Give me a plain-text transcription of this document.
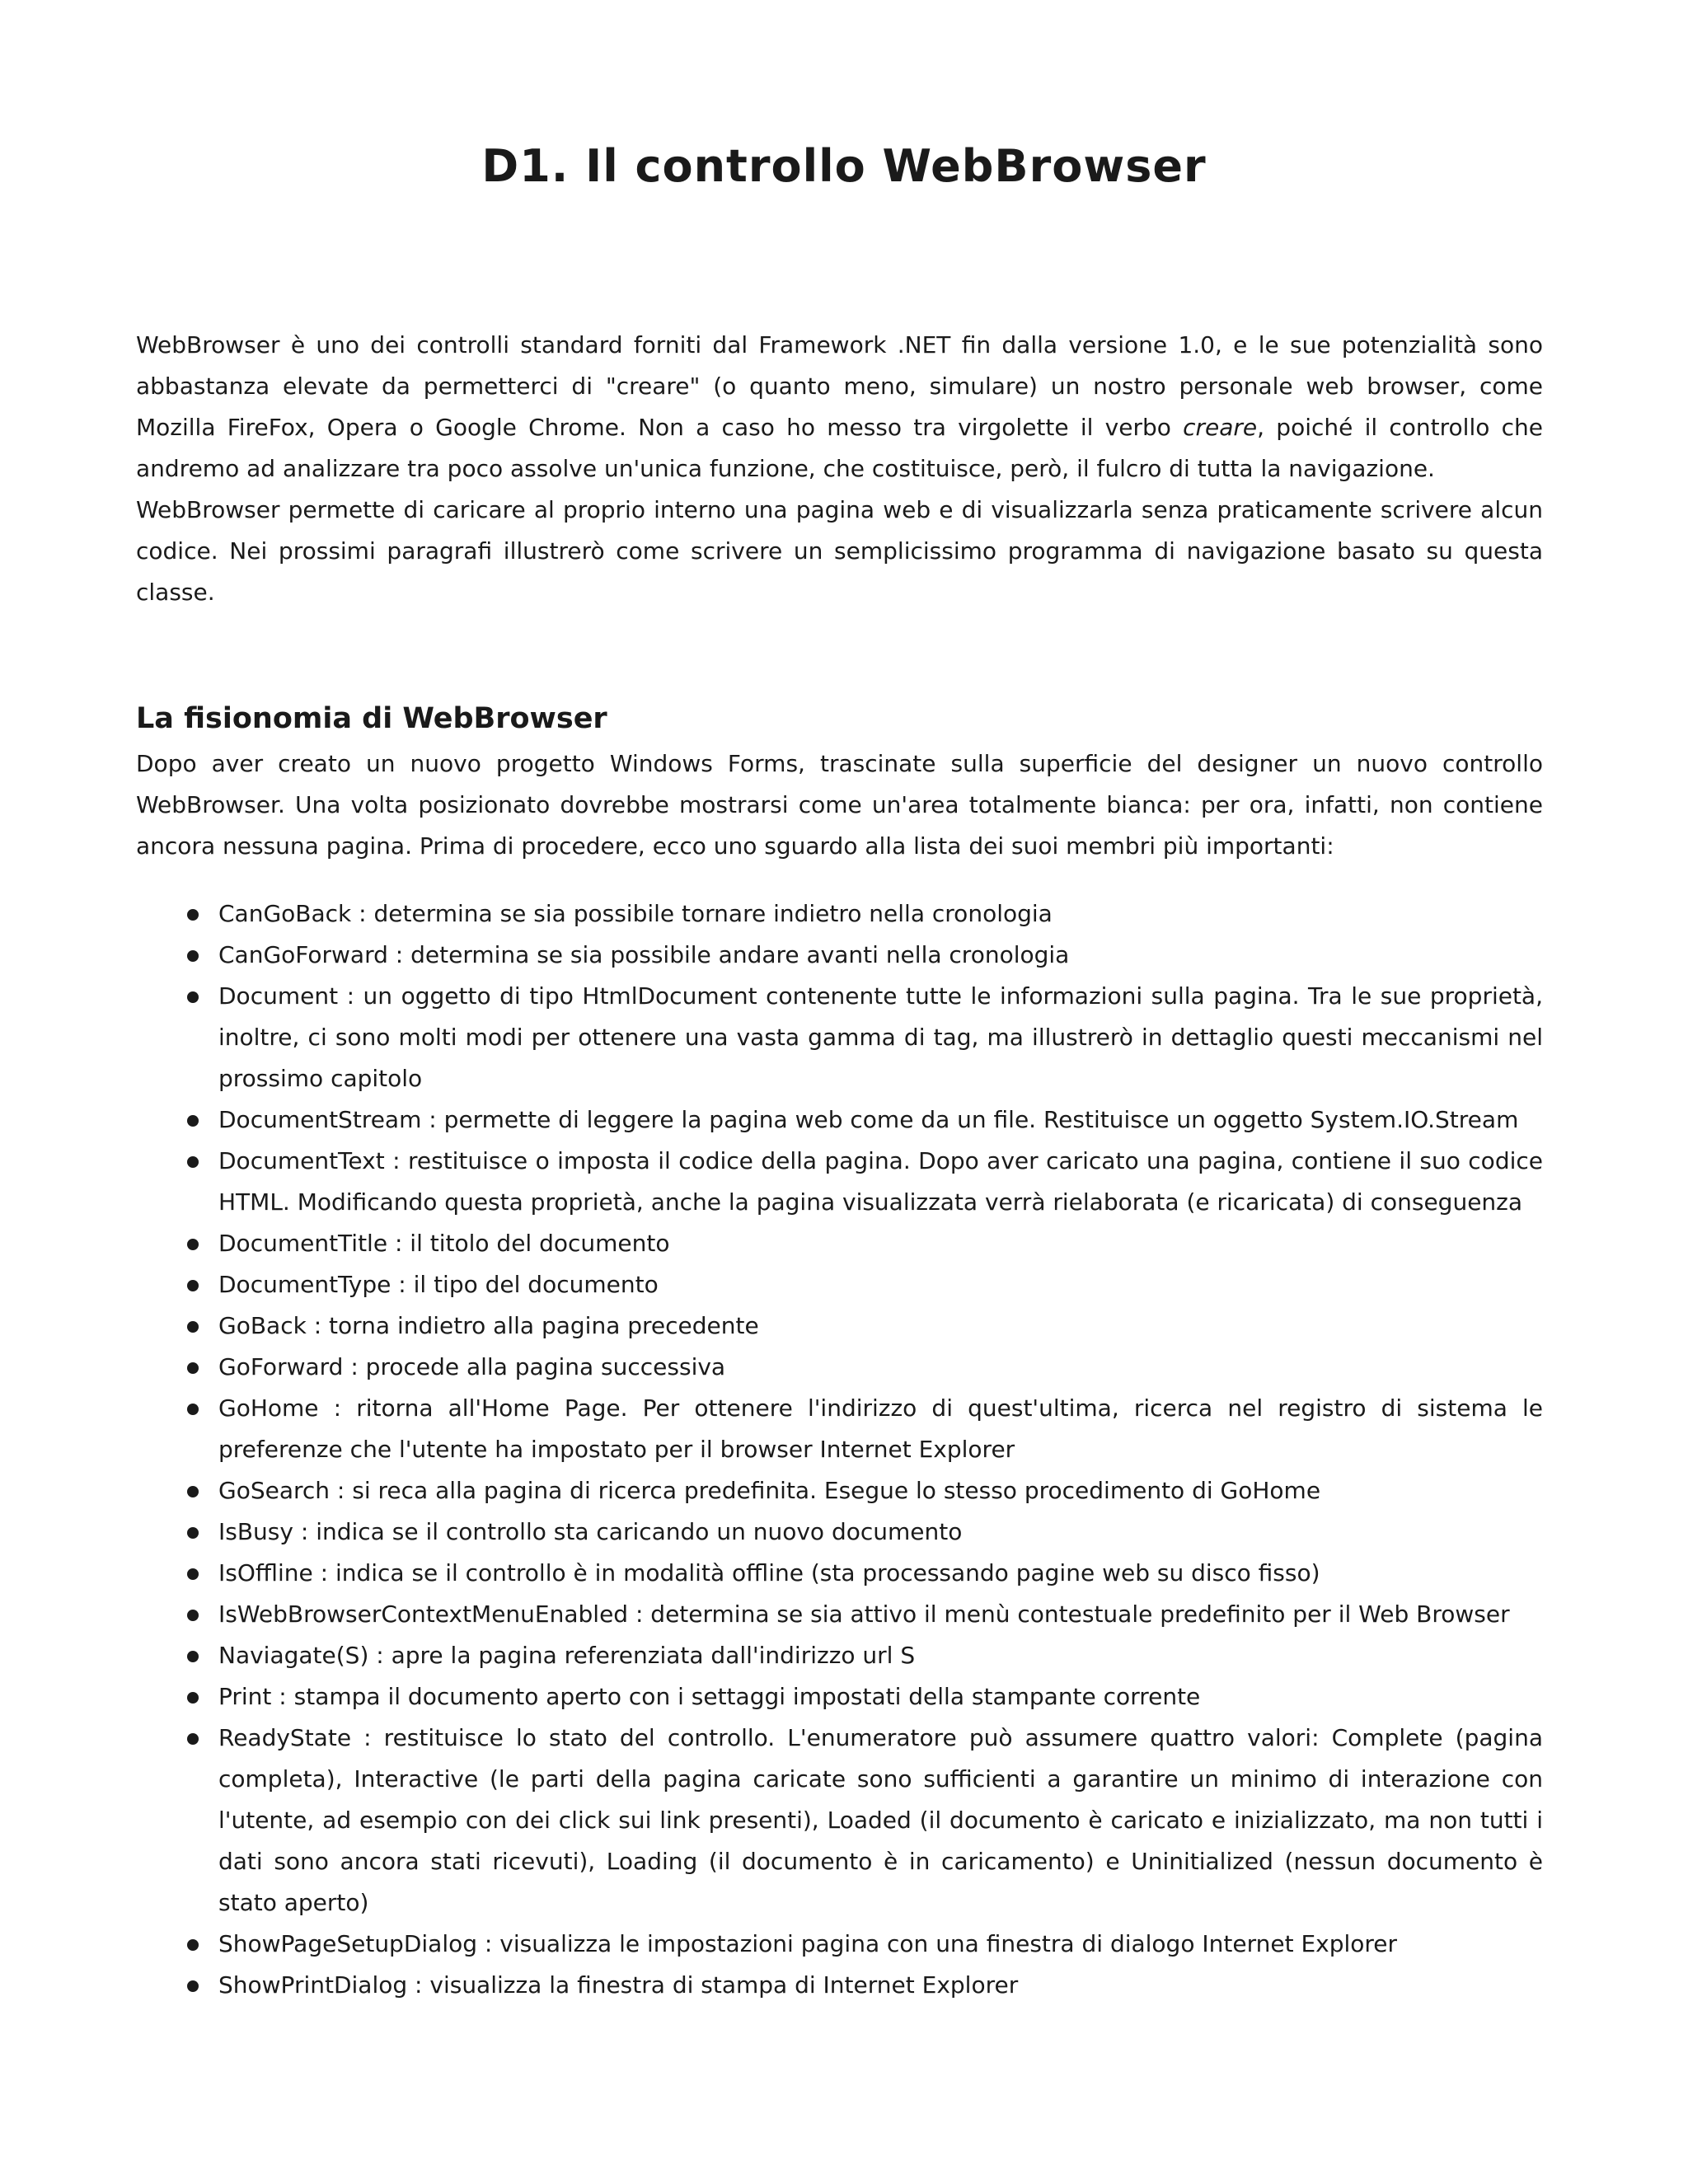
D1. Il controllo WebBrowser

WebBrowser è uno dei controlli standard forniti dal Framework .NET fin dalla versione 1.0, e le sue potenzialità sono abbastanza elevate da permetterci di "creare" (o quanto meno, simulare) un nostro personale web browser, come Mozilla FireFox, Opera o Google Chrome. Non a caso ho messo tra virgolette il verbo creare, poiché il controllo che andremo ad analizzare tra poco assolve un'unica funzione, che costituisce, però, il fulcro di tutta la navigazione.

WebBrowser permette di caricare al proprio interno una pagina web e di visualizzarla senza praticamente scrivere alcun codice. Nei prossimi paragrafi illustrerò come scrivere un semplicissimo programma di navigazione basato su questa classe.

La fisionomia di WebBrowser

Dopo aver creato un nuovo progetto Windows Forms, trascinate sulla superficie del designer un nuovo controllo WebBrowser. Una volta posizionato dovrebbe mostrarsi come un'area totalmente bianca: per ora, infatti, non contiene ancora nessuna pagina. Prima di procedere, ecco uno sguardo alla lista dei suoi membri più importanti:

CanGoBack : determina se sia possibile tornare indietro nella cronologia
CanGoForward : determina se sia possibile andare avanti nella cronologia
Document : un oggetto di tipo HtmlDocument contenente tutte le informazioni sulla pagina. Tra le sue proprietà, inoltre, ci sono molti modi per ottenere una vasta gamma di tag, ma illustrerò in dettaglio questi meccanismi nel prossimo capitolo
DocumentStream : permette di leggere la pagina web come da un file. Restituisce un oggetto System.IO.Stream
DocumentText : restituisce o imposta il codice della pagina. Dopo aver caricato una pagina, contiene il suo codice HTML. Modificando questa proprietà, anche la pagina visualizzata verrà rielaborata (e ricaricata) di conseguenza
DocumentTitle : il titolo del documento
DocumentType : il tipo del documento
GoBack : torna indietro alla pagina precedente
GoForward : procede alla pagina successiva
GoHome : ritorna all'Home Page. Per ottenere l'indirizzo di quest'ultima, ricerca nel registro di sistema le preferenze che l'utente ha impostato per il browser Internet Explorer
GoSearch : si reca alla pagina di ricerca predefinita. Esegue lo stesso procedimento di GoHome
IsBusy : indica se il controllo sta caricando un nuovo documento
IsOffline : indica se il controllo è in modalità offline (sta processando pagine web su disco fisso)
IsWebBrowserContextMenuEnabled : determina se sia attivo il menù contestuale predefinito per il Web Browser
Naviagate(S) : apre la pagina referenziata dall'indirizzo url S
Print : stampa il documento aperto con i settaggi impostati della stampante corrente
ReadyState : restituisce lo stato del controllo. L'enumeratore può assumere quattro valori: Complete (pagina completa), Interactive (le parti della pagina caricate sono sufficienti a garantire un minimo di interazione con l'utente, ad esempio con dei click sui link presenti), Loaded (il documento è caricato e inizializzato, ma non tutti i dati sono ancora stati ricevuti), Loading (il documento è in caricamento) e Uninitialized (nessun documento è stato aperto)
ShowPageSetupDialog : visualizza le impostazioni pagina con una finestra di dialogo Internet Explorer
ShowPrintDialog : visualizza la finestra di stampa di Internet Explorer
